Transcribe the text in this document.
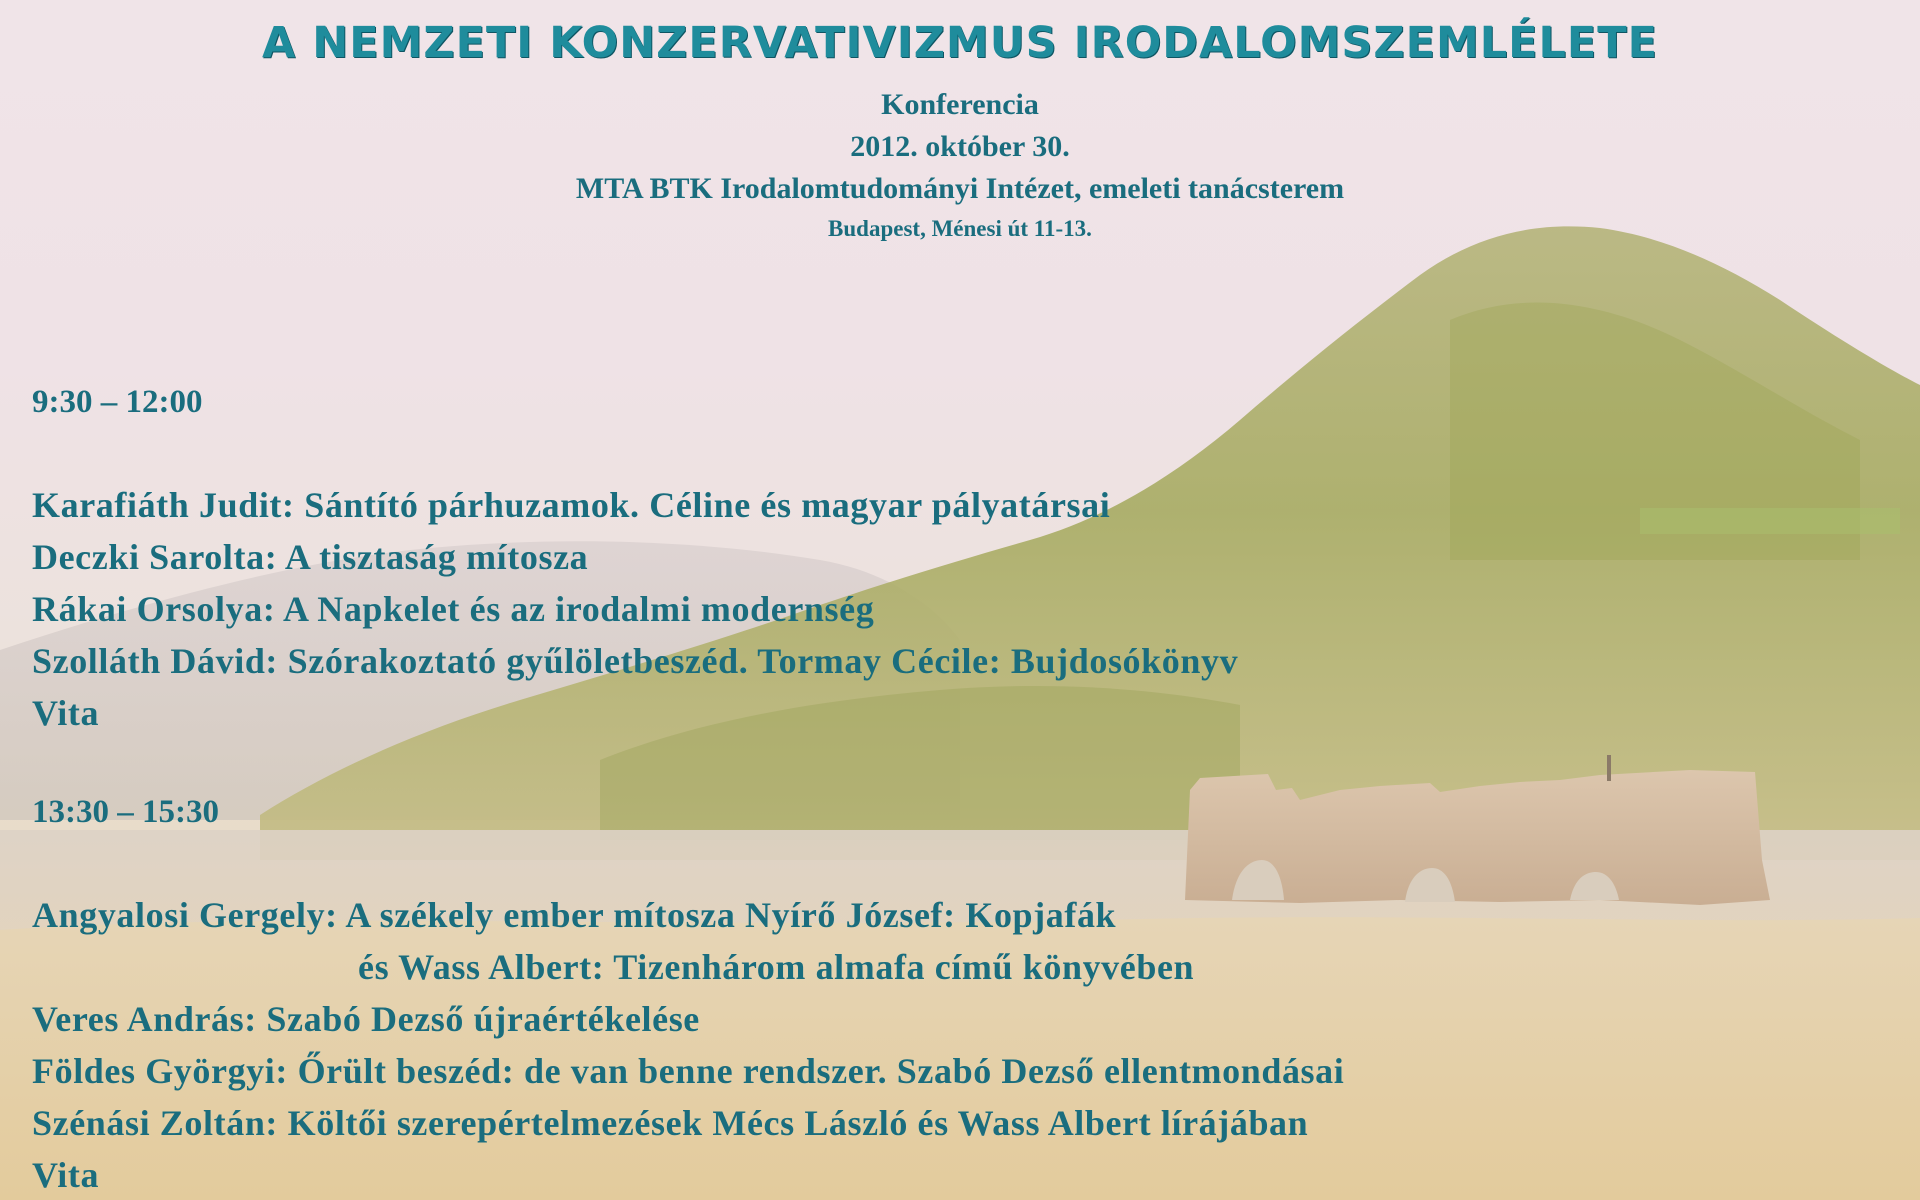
A NEMZETI KONZERVATIVIZMUS IRODALOMSZEMLÉLETE
Konferencia
2012. október 30.
MTA BTK Irodalomtudományi Intézet, emeleti tanácsterem
Budapest, Ménesi út 11-13.
9:30 – 12:00
Karafiáth Judit: Sántító párhuzamok. Céline és magyar pályatársai
Deczki Sarolta: A tisztaság mítosza
Rákai Orsolya: A Napkelet és az irodalmi modernség
Szolláth Dávid: Szórakoztató gyűlöletbeszéd. Tormay Cécile: Bujdosókönyv
Vita
13:30 – 15:30
Angyalosi Gergely: A székely ember mítosza Nyírő József: Kopjafák
és Wass Albert: Tizenhárom almafa című könyvében
Veres András: Szabó Dezső újraértékelése
Földes Györgyi: Őrült beszéd: de van benne rendszer. Szabó Dezső ellentmondásai
Szénási Zoltán: Költői szerepértelmezések Mécs László és Wass Albert lírájában
Vita
